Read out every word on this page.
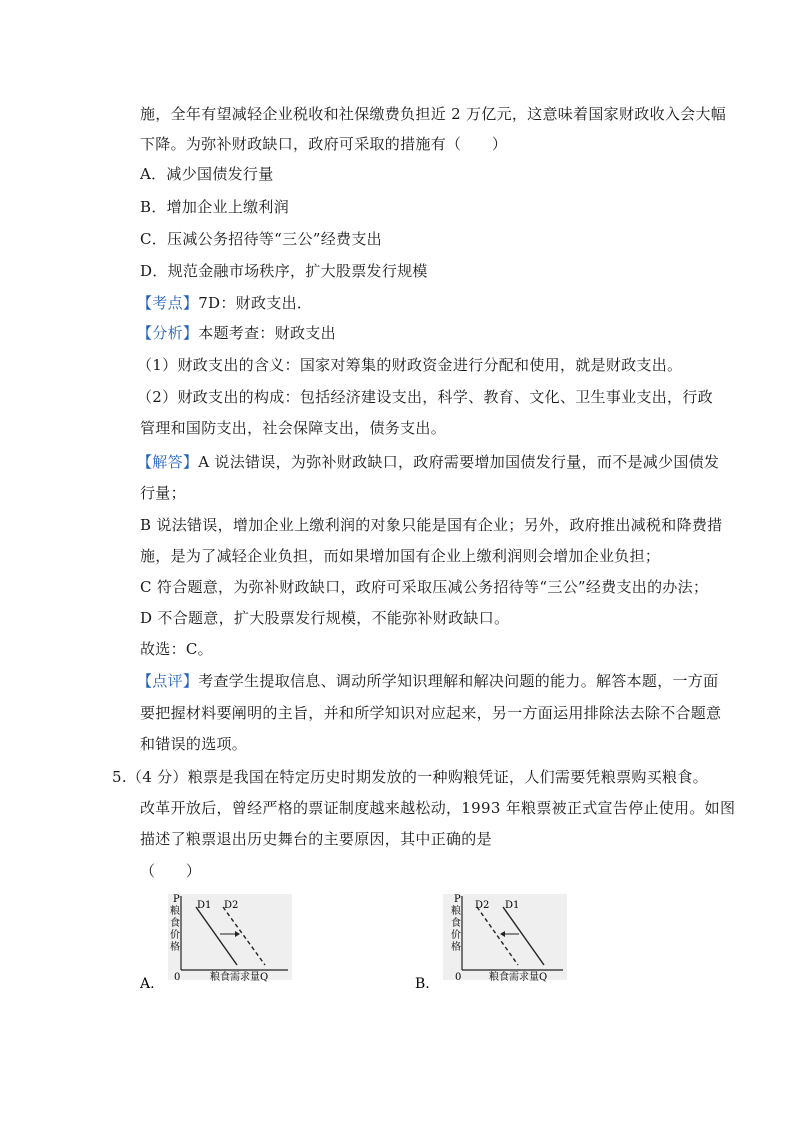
施，全年有望减轻企业税收和社保缴费负担近 2 万亿元，这意味着国家财政收入会大幅
下降。为弥补财政缺口，政府可采取的措施有（　　）
A．减少国债发行量
B．增加企业上缴利润
C．压减公务招待等“三公”经费支出
D．规范金融市场秩序，扩大股票发行规模
【考点】7D：财政支出．
【分析】本题考查：财政支出
（1）财政支出的含义：国家对筹集的财政资金进行分配和使用，就是财政支出。
（2）财政支出的构成：包括经济建设支出，科学、教育、文化、卫生事业支出，行政
管理和国防支出，社会保障支出，债务支出。
【解答】A 说法错误，为弥补财政缺口，政府需要增加国债发行量，而不是减少国债发
行量；
B 说法错误，增加企业上缴利润的对象只能是国有企业；另外，政府推出减税和降费措
施，是为了减轻企业负担，而如果增加国有企业上缴利润则会增加企业负担；
C 符合题意，为弥补财政缺口，政府可采取压减公务招待等“三公”经费支出的办法；
D 不合题意，扩大股票发行规模，不能弥补财政缺口。
故选：C。
【点评】考查学生提取信息、调动所学知识理解和解决问题的能力。解答本题，一方面
要把握材料要阐明的主旨，并和所学知识对应起来，另一方面运用排除法去除不合题意
和错误的选项。
5.（4 分）粮票是我国在特定历史时期发放的一种购粮凭证，人们需要凭粮票购买粮食。
改革开放后，曾经严格的票证制度越来越松动，1993 年粮票被正式宣告停止使用。如图
描述了粮票退出历史舞台的主要原因，其中正确的是
（　　）
P
粮
食
价
格
D1 D2
0	粮食需求量Q
A.
P
粮
食
价
格
D2 D1
0	粮食需求量Q
B.
